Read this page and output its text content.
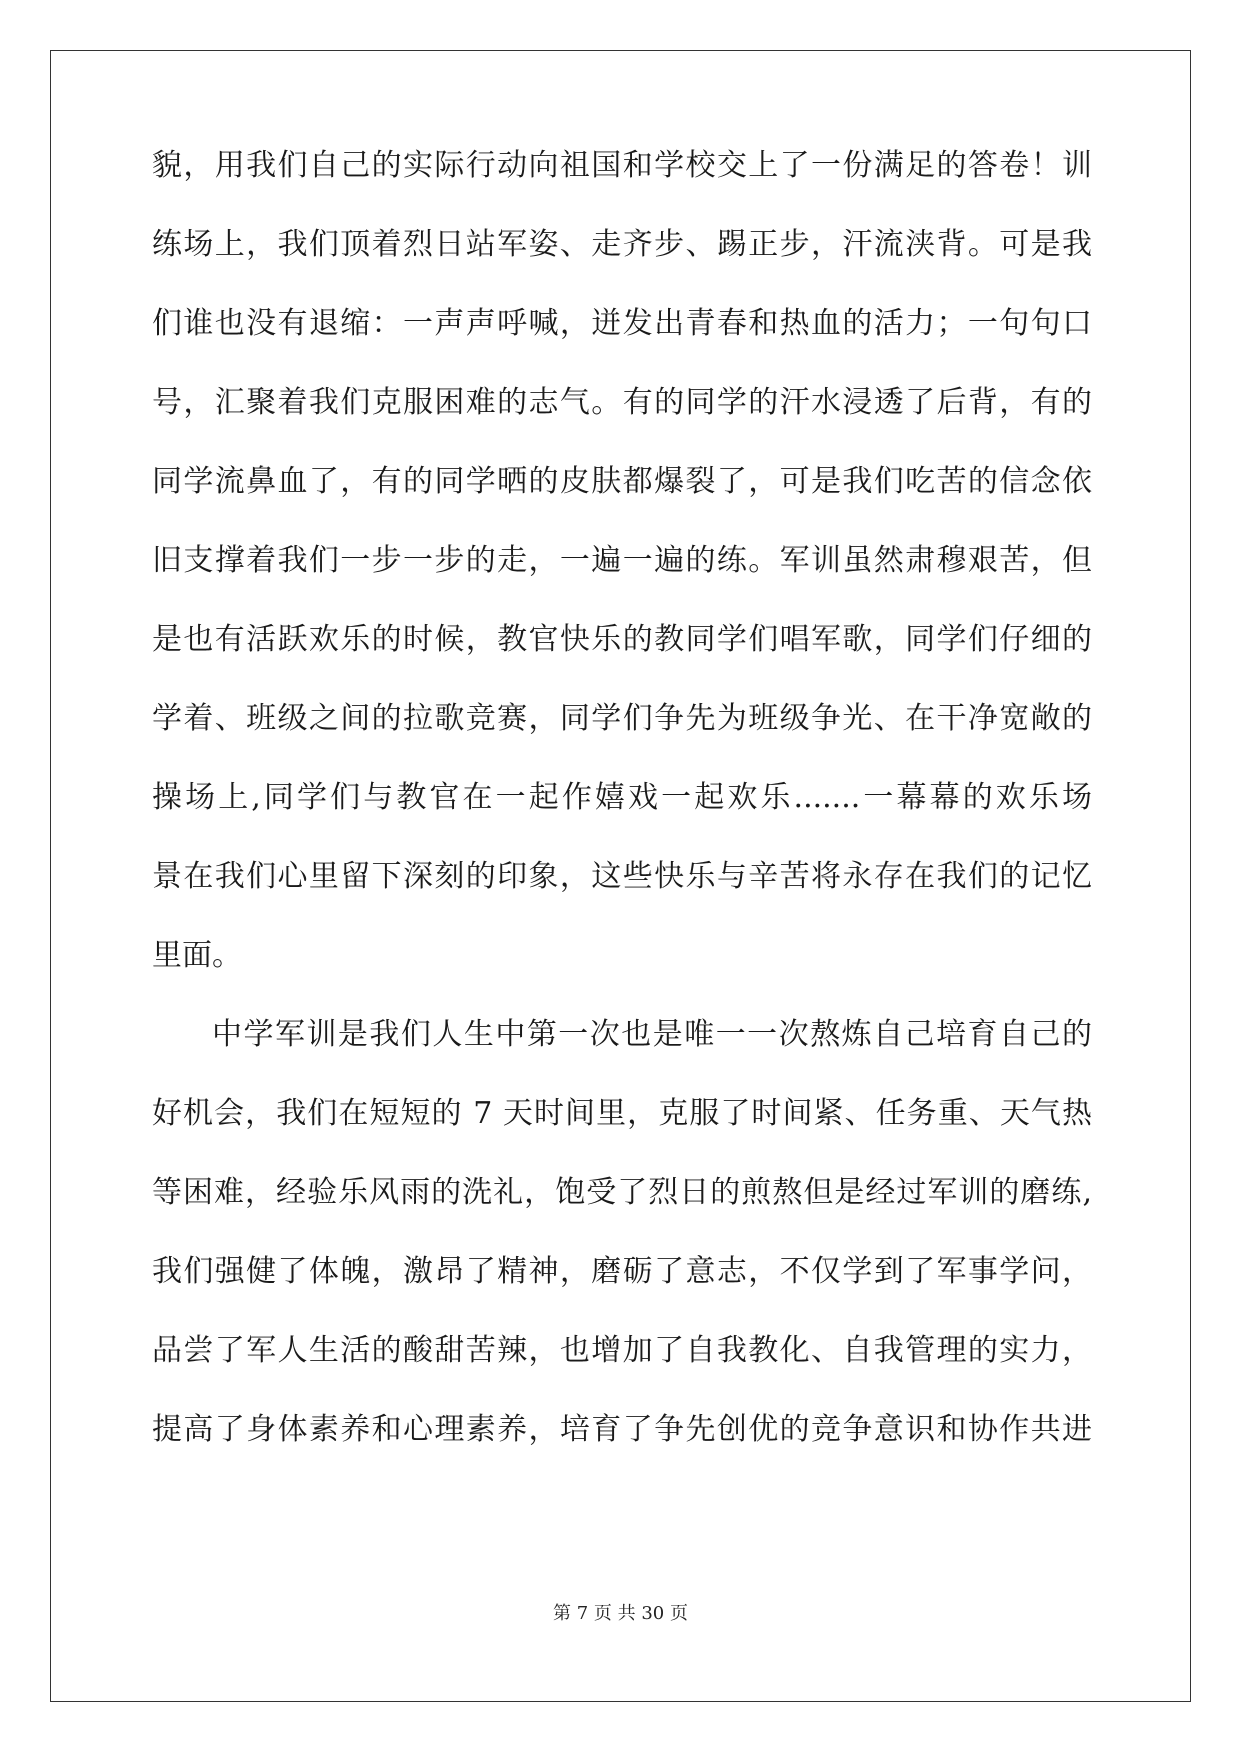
貌，用我们自己的实际行动向祖国和学校交上了一份满足的答卷！训
练场上，我们顶着烈日站军姿、走齐步、踢正步，汗流浃背。可是我
们谁也没有退缩：一声声呼喊，迸发出青春和热血的活力；一句句口
号，汇聚着我们克服困难的志气。有的同学的汗水浸透了后背，有的
同学流鼻血了，有的同学晒的皮肤都爆裂了，可是我们吃苦的信念依
旧支撑着我们一步一步的走，一遍一遍的练。军训虽然肃穆艰苦，但
是也有活跃欢乐的时候，教官快乐的教同学们唱军歌，同学们仔细的
学着、班级之间的拉歌竞赛，同学们争先为班级争光、在干净宽敞的
操场上,同学们与教官在一起作嬉戏一起欢乐.......一幕幕的欢乐场
景在我们心里留下深刻的印象，这些快乐与辛苦将永存在我们的记忆
里面。
中学军训是我们人生中第一次也是唯一一次熬炼自己培育自己的
好机会，我们在短短的 7 天时间里，克服了时间紧、任务重、天气热
等困难，经验乐风雨的洗礼，饱受了烈日的煎熬但是经过军训的磨练,
我们强健了体魄，激昂了精神，磨砺了意志，不仅学到了军事学问，
品尝了军人生活的酸甜苦辣，也增加了自我教化、自我管理的实力，
提高了身体素养和心理素养，培育了争先创优的竞争意识和协作共进
第 7 页 共 30 页
